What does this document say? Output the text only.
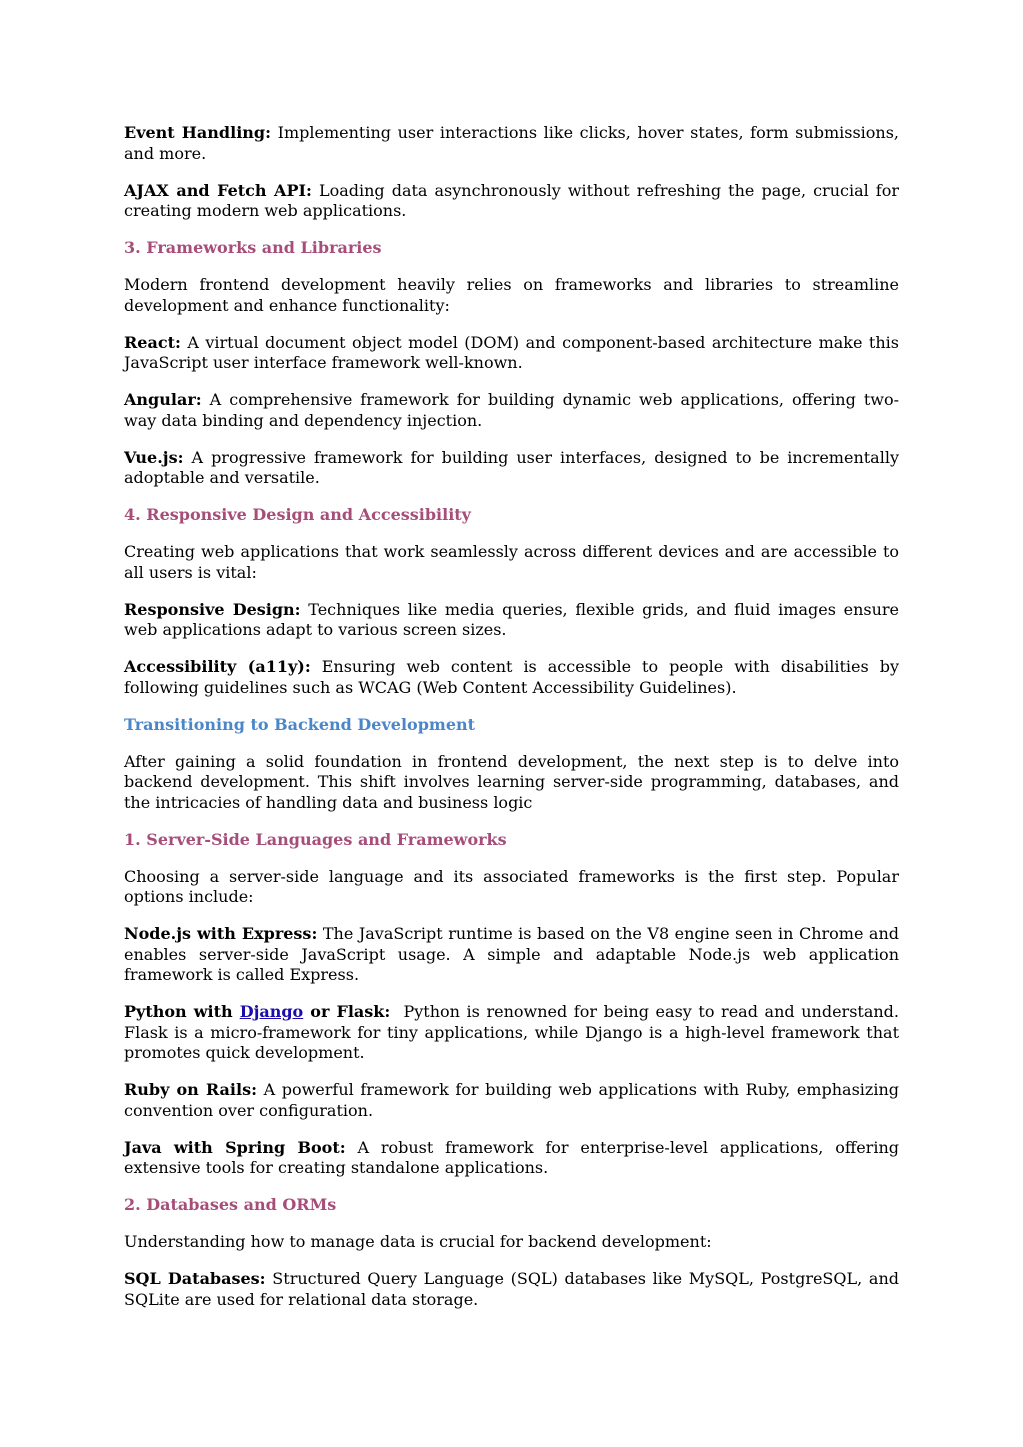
Event Handling: Implementing user interactions like clicks, hover states, form submissions, and more.

AJAX and Fetch API: Loading data asynchronously without refreshing the page, crucial for creating modern web applications.

3. Frameworks and Libraries

Modern frontend development heavily relies on frameworks and libraries to streamline development and enhance functionality:

React: A virtual document object model (DOM) and component-based architecture make this JavaScript user interface framework well-known.

Angular: A comprehensive framework for building dynamic web applications, offering two-way data binding and dependency injection.

Vue.js: A progressive framework for building user interfaces, designed to be incrementally adoptable and versatile.

4. Responsive Design and Accessibility

Creating web applications that work seamlessly across different devices and are accessible to all users is vital:

Responsive Design: Techniques like media queries, flexible grids, and fluid images ensure web applications adapt to various screen sizes.

Accessibility (a11y): Ensuring web content is accessible to people with disabilities by following guidelines such as WCAG (Web Content Accessibility Guidelines).

Transitioning to Backend Development

After gaining a solid foundation in frontend development, the next step is to delve into backend development. This shift involves learning server-side programming, databases, and the intricacies of handling data and business logic

1. Server-Side Languages and Frameworks

Choosing a server-side language and its associated frameworks is the first step. Popular options include:

Node.js with Express: The JavaScript runtime is based on the V8 engine seen in Chrome and enables server-side JavaScript usage. A simple and adaptable Node.js web application framework is called Express.

Python with Django or Flask:  Python is renowned for being easy to read and understand. Flask is a micro-framework for tiny applications, while Django is a high-level framework that promotes quick development.

Ruby on Rails: A powerful framework for building web applications with Ruby, emphasizing convention over configuration.

Java with Spring Boot: A robust framework for enterprise-level applications, offering extensive tools for creating standalone applications.

2. Databases and ORMs

Understanding how to manage data is crucial for backend development:

SQL Databases: Structured Query Language (SQL) databases like MySQL, PostgreSQL, and SQLite are used for relational data storage.
